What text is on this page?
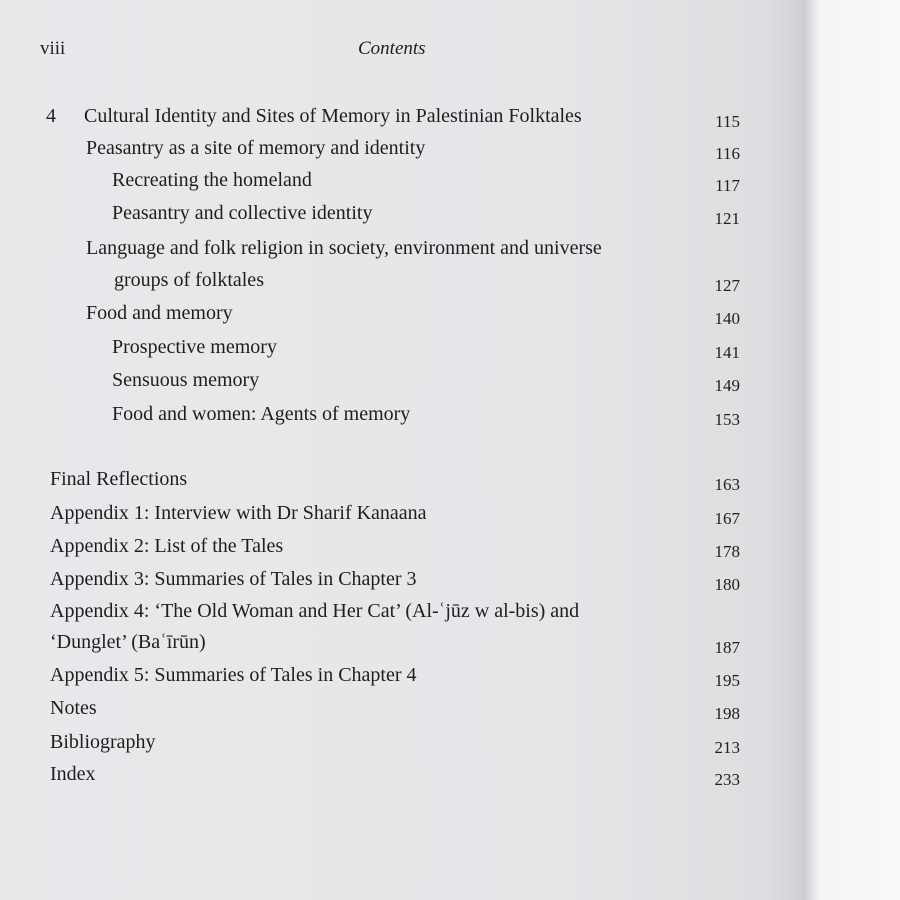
viii	Contents
4 Cultural Identity and Sites of Memory in Palestinian Folktales	115
Peasantry as a site of memory and identity	116
Recreating the homeland	117
Peasantry and collective identity	121
Language and folk religion in society, environment and universe
groups of folktales	127
Food and memory	140
Prospective memory	141
Sensuous memory	149
Food and women: Agents of memory	153
Final Reflections	163
Appendix 1: Interview with Dr Sharif Kanaana	167
Appendix 2: List of the Tales	178
Appendix 3: Summaries of Tales in Chapter 3	180
Appendix 4: ‘The Old Woman and Her Cat’ (Al-ʿjūz w al-bis) and
‘Dunglet’ (Baʿīrūn)	187
Appendix 5: Summaries of Tales in Chapter 4	195
Notes	198
Bibliography	213
Index	233
